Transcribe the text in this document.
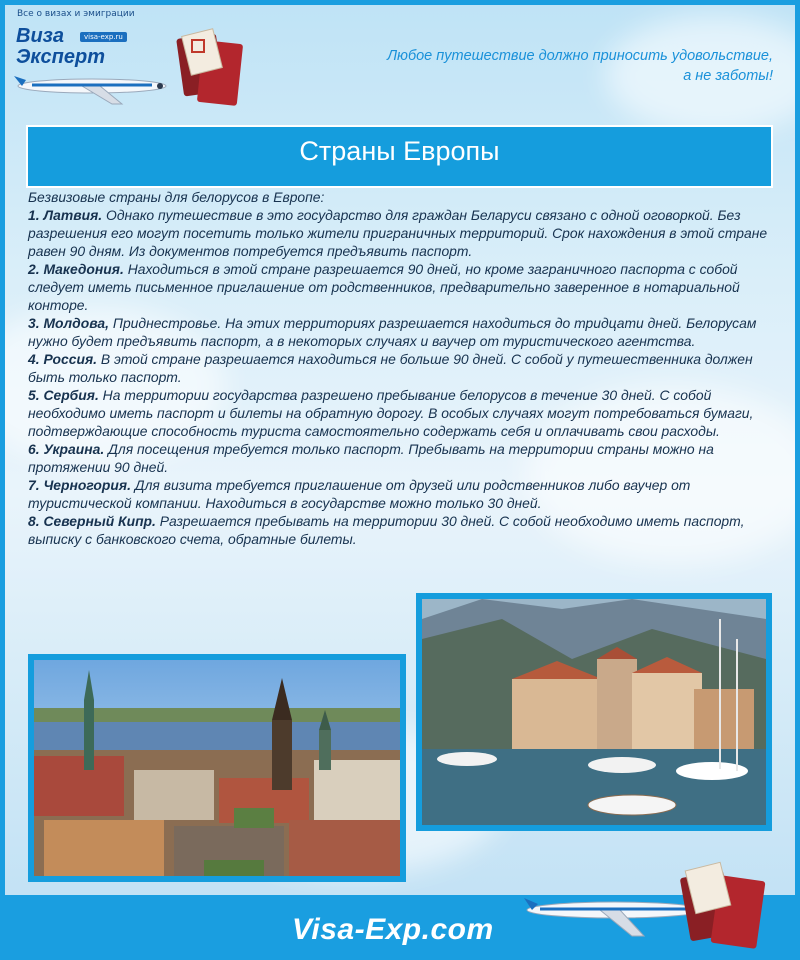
Все о визах и эмиграции
Виза
Эксперт
visa-exp.ru
Любое путешествие должно приносить удовольствие,
а не заботы!
Страны Европы

Безвизовые страны для белорусов в Европе:

1. Латвия. Однако путешествие в это государство для граждан Беларуси связано с одной оговоркой. Без разрешения его могут посетить только жители приграничных территорий. Срок нахождения в этой стране равен 90 дням. Из документов потребуется предъявить паспорт.

2. Македония. Находиться в этой стране разрешается 90 дней, но кроме заграничного паспорта с собой следует иметь письменное приглашение от родственников, предварительно заверенное в нотариальной конторе.

3. Молдова, Приднестровье. На этих территориях разрешается находиться до тридцати дней. Белорусам нужно будет предъявить паспорт, а в некоторых случаях и ваучер от туристического агентства.

4. Россия. В этой стране разрешается находиться не больше 90 дней. С собой у путешественника должен быть только паспорт.

5. Сербия. На территории государства разрешено пребывание белорусов в течение 30 дней. С собой необходимо иметь паспорт и билеты на обратную дорогу. В особых случаях могут потребоваться бумаги, подтверждающие способность туриста самостоятельно содержать себя и оплачивать свои расходы.

6. Украина. Для посещения требуется только паспорт. Пребывать на территории страны можно на протяжении 90 дней.

7. Черногория. Для визита требуется приглашение от друзей или родственников либо ваучер от туристической компании. Находиться в государстве можно только 30 дней.

8. Северный Кипр. Разрешается пребывать на территории 30 дней. С собой необходимо иметь паспорт, выписку с банковского счета, обратные билеты.

Visa-Exp.com
